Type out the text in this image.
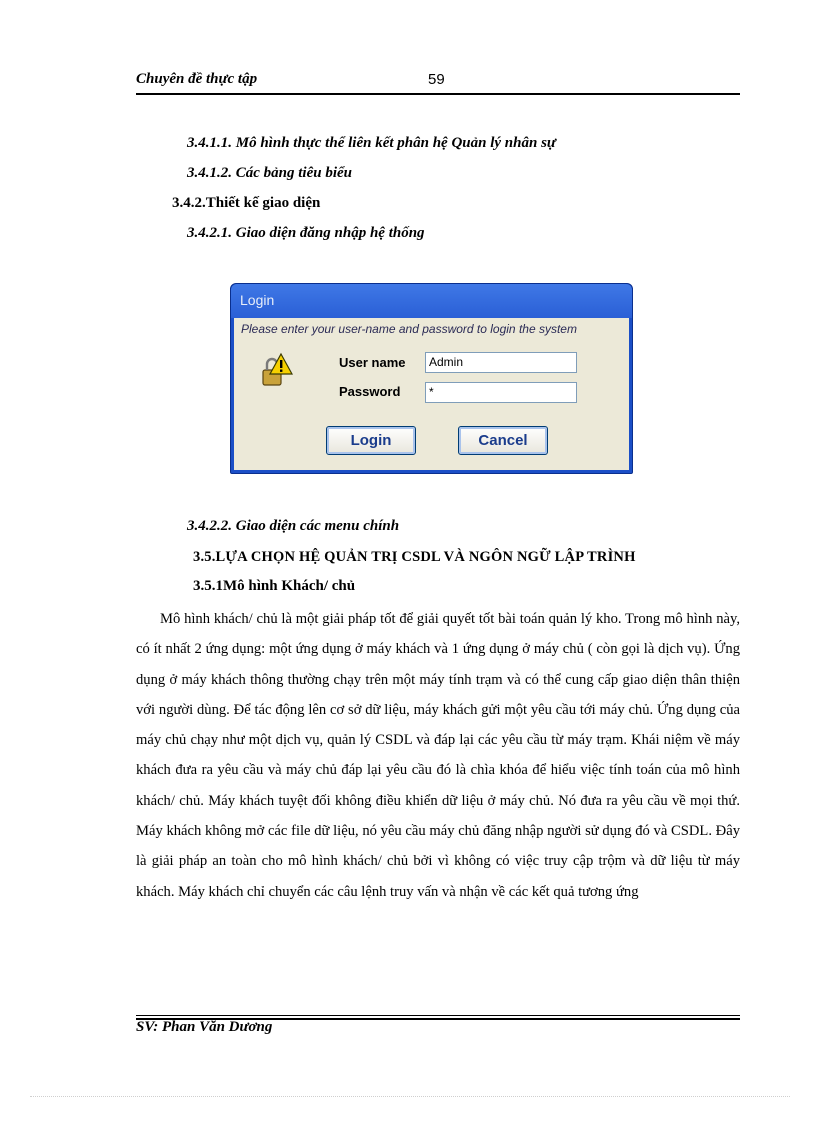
Chuyên đề thực tập	59
3.4.1.1. Mô hình thực thể liên kết phân hệ Quản lý nhân sự
3.4.1.2. Các bảng tiêu biểu
3.4.2.Thiết kế giao diện
3.4.2.1. Giao diện đăng nhập hệ thống
Login
Please enter your user-name and password to login the system
User name	Admin
Password	*
Login	Cancel
3.4.2.2. Giao diện các menu chính
3.5.LỰA CHỌN HỆ QUẢN TRỊ CSDL VÀ NGÔN NGỮ LẬP TRÌNH
3.5.1Mô hình Khách/ chủ

Mô hình khách/ chủ là một giải pháp tốt để giải quyết tốt bài toán quản lý kho. Trong mô hình này, có ít nhất 2 ứng dụng: một ứng dụng ở máy khách và 1 ứng dụng ở máy chủ ( còn gọi là dịch vụ). Ứng dụng ở máy khách thông thường chạy trên một máy tính trạm và có thể cung cấp giao diện thân thiện với người dùng. Để tác động lên cơ sở dữ liệu, máy khách gửi một yêu cầu tới máy chủ. Ứng dụng của máy chủ chạy như một dịch vụ, quản lý CSDL và đáp lại các yêu cầu từ máy trạm. Khái niệm về máy khách đưa ra yêu cầu và máy chủ đáp lại yêu cầu đó là chìa khóa để hiểu việc tính toán của mô hình khách/ chủ. Máy khách tuyệt đối không điều khiển dữ liệu ở máy chủ. Nó đưa ra yêu cầu về mọi thứ. Máy khách không mở các file dữ liệu, nó yêu cầu máy chủ đăng nhập người sử dụng đó và CSDL. Đây là giải pháp an toàn cho mô hình khách/ chủ bởi vì không có việc truy cập trộm và dữ liệu từ máy khách. Máy khách chỉ chuyển các câu lệnh truy vấn và nhận về các kết quả tương ứng

SV: Phan Văn Dương
